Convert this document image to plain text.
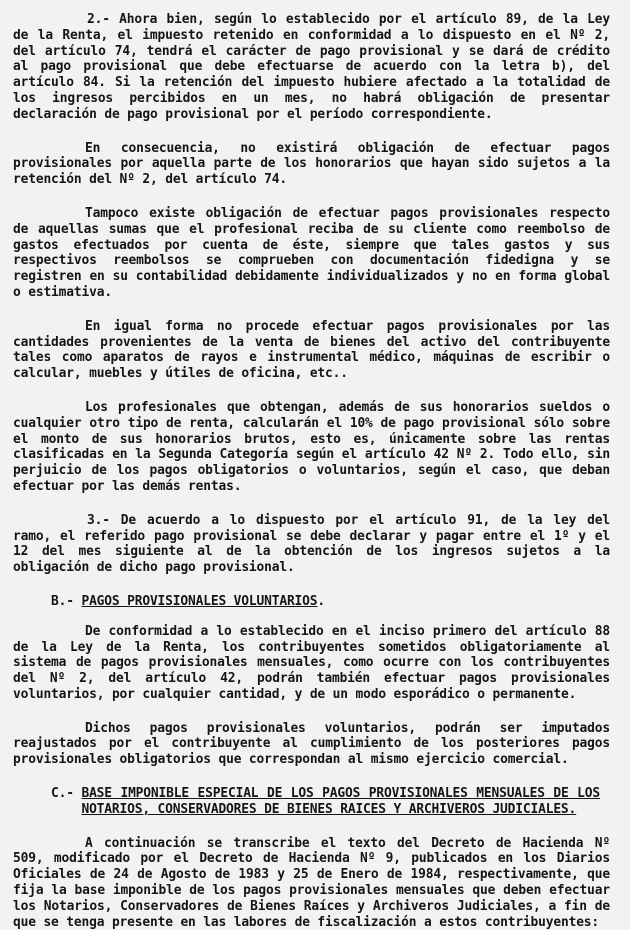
2.- Ahora bien, según lo establecido por el artículo 89, de la Ley de la Renta, el impuesto retenido en conformidad a lo dispuesto en el Nº 2, del artículo 74, tendrá el carácter de pago provisional y se dará de crédito al pago provisional que debe efectuarse de acuerdo con la letra b), del artículo 84. Si la retención del impuesto hubiere afectado a la totalidad de los ingresos percibidos en un mes, no habrá obligación de presentar declaración de pago provisional por el período correspondiente.

En consecuencia, no existirá obligación de efectuar pagos provisionales por aquella parte de los honorarios que hayan sido sujetos a la retención del Nº 2, del artículo 74.

Tampoco existe obligación de efectuar pagos provisionales respecto de aquellas sumas que el profesional reciba de su cliente como reembolso de gastos efectuados por cuenta de éste, siempre que tales gastos y sus respectivos reembolsos se comprueben con documentación fidedigna y se registren en su contabilidad debidamente individualizados y no en forma global o estimativa.

En igual forma no procede efectuar pagos provisionales por las cantidades provenientes de la venta de bienes del activo del contribuyente tales como aparatos de rayos e instrumental médico, máquinas de escribir o calcular, muebles y útiles de oficina, etc..

Los profesionales que obtengan, además de sus honorarios sueldos o cualquier otro tipo de renta, calcularán el 10% de pago provisional sólo sobre el monto de sus honorarios brutos, esto es, únicamente sobre las rentas clasificadas en la Segunda Categoría según el artículo 42 Nº 2. Todo ello, sin perjuicio de los pagos obligatorios o voluntarios, según el caso, que deban efectuar por las demás rentas.

3.- De acuerdo a lo dispuesto por el artículo 91, de la ley del ramo, el referido pago provisional se debe declarar y pagar entre el 1º y el 12 del mes siguiente al de la obtención de los ingresos sujetos a la obligación de dicho pago provisional.

B.- PAGOS PROVISIONALES VOLUNTARIOS.

De conformidad a lo establecido en el inciso primero del artículo 88 de la Ley de la Renta, los contribuyentes sometidos obligatoriamente al sistema de pagos provisionales mensuales, como ocurre con los contribuyentes del Nº 2, del artículo 42, podrán también efectuar pagos provisionales voluntarios, por cualquier cantidad, y de un modo esporádico o permanente.

Dichos pagos provisionales voluntarios, podrán ser imputados reajustados por el contribuyente al cumplimiento de los posteriores pagos provisionales obligatorios que correspondan al mismo ejercicio comercial.

C.- BASE IMPONIBLE ESPECIAL DE LOS PAGOS PROVISIONALES MENSUALES DE LOS NOTARIOS, CONSERVADORES DE BIENES RAICES Y ARCHIVEROS JUDICIALES.

A continuación se transcribe el texto del Decreto de Hacienda Nº 509, modificado por el Decreto de Hacienda Nº 9, publicados en los Diarios Oficiales de 24 de Agosto de 1983 y 25 de Enero de 1984, respectivamente, que fija la base imponible de los pagos provisionales mensuales que deben efectuar los Notarios, Conservadores de Bienes Raíces y Archiveros Judiciales, a fin de que se tenga presente en las labores de fiscalización a estos contribuyentes:
